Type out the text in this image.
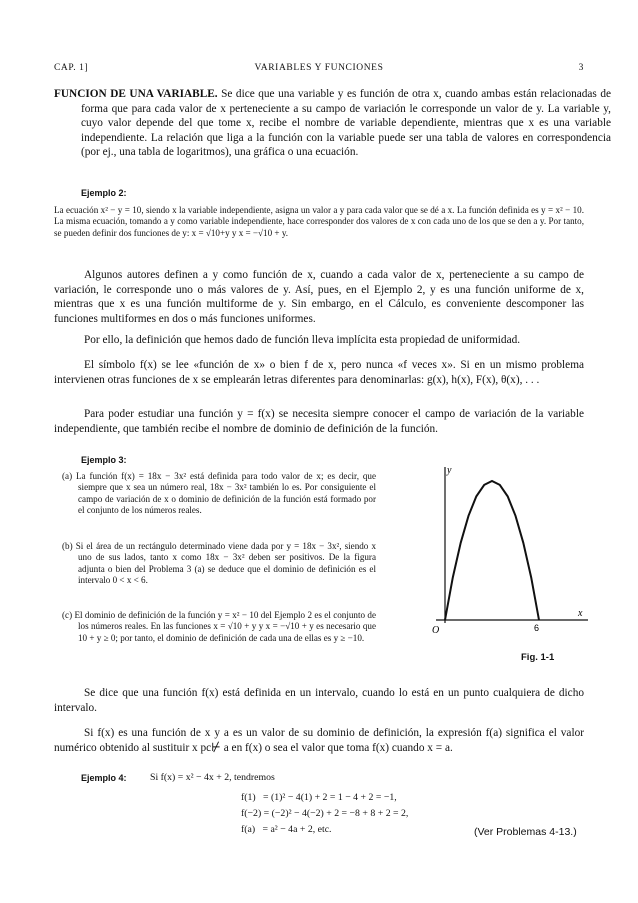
CAP. 1]	VARIABLES Y FUNCIONES	3
FUNCION DE UNA VARIABLE. Se dice que una variable y es función de otra x, cuando ambas están relacionadas de forma que para cada valor de x perteneciente a su campo de variación le corresponde un valor de y. La variable y, cuyo valor depende del que tome x, recibe el nombre de variable dependiente, mientras que x es una variable independiente. La relación que liga a la función con la variable puede ser una tabla de valores en correspondencia (por ej., una tabla de logaritmos), una gráfica o una ecuación.
Ejemplo 2:
La ecuación x² − y = 10, siendo x la variable independiente, asigna un valor a y para cada valor que se dé a x. La función definida es y = x² − 10. La misma ecuación, tomando a y como variable independiente, hace corresponder dos valores de x con cada uno de los que se den a y. Por tanto, se pueden definir dos funciones de y: x = √10+y y x = −√10 + y.
Algunos autores definen a y como función de x, cuando a cada valor de x, perteneciente a su campo de variación, le corresponde uno o más valores de y. Así, pues, en el Ejemplo 2, y es una función uniforme de x, mientras que x es una función multiforme de y. Sin embargo, en el Cálculo, es conveniente descomponer las funciones multiformes en dos o más funciones uniformes.
Por ello, la definición que hemos dado de función lleva implícita esta propiedad de uniformidad.
El símbolo f(x) se lee «función de x» o bien f de x, pero nunca «f veces x». Si en un mismo problema intervienen otras funciones de x se emplearán letras diferentes para denominarlas: g(x), h(x), F(x), θ(x), . . .
Para poder estudiar una función y = f(x) se necesita siempre conocer el campo de variación de la variable independiente, que también recibe el nombre de dominio de definición de la función.
Ejemplo 3:
(a) La función f(x) = 18x − 3x² está definida para todo valor de x; es decir, que siempre que x sea un número real, 18x − 3x² también lo es. Por consiguiente el campo de variación de x o dominio de definición de la función está formado por el conjunto de los números reales.
(b) Si el área de un rectángulo determinado viene dada por y = 18x − 3x², siendo x uno de sus lados, tanto x como 18x − 3x² deben ser positivos. De la figura adjunta o bien del Problema 3 (a) se deduce que el dominio de definición es el intervalo 0 < x < 6.
(c) El dominio de definición de la función y = x² − 10 del Ejemplo 2 es el conjunto de los números reales. En las funciones x = √10 + y y x = −√10 + y es necesario que 10 + y ≥ 0; por tanto, el dominio de definición de cada una de ellas es y ≥ −10.
y
x
O	6
Fig. 1-1
Se dice que una función f(x) está definida en un intervalo, cuando lo está en un punto cualquiera de dicho intervalo.
Si f(x) es una función de x y a es un valor de su dominio de definición, la expresión f(a) significa el valor numérico obtenido al sustituir x pc⊬ a en f(x) o sea el valor que toma f(x) cuando x = a.
Ejemplo 4: Si f(x) = x² − 4x + 2, tendremos
f(1)   = (1)² − 4(1) + 2 = 1 − 4 + 2 = −1,
f(−2) = (−2)² − 4(−2) + 2 = −8 + 8 + 2 = 2,
f(a)   = a² − 4a + 2, etc.	(Ver Problemas 4-13.)
